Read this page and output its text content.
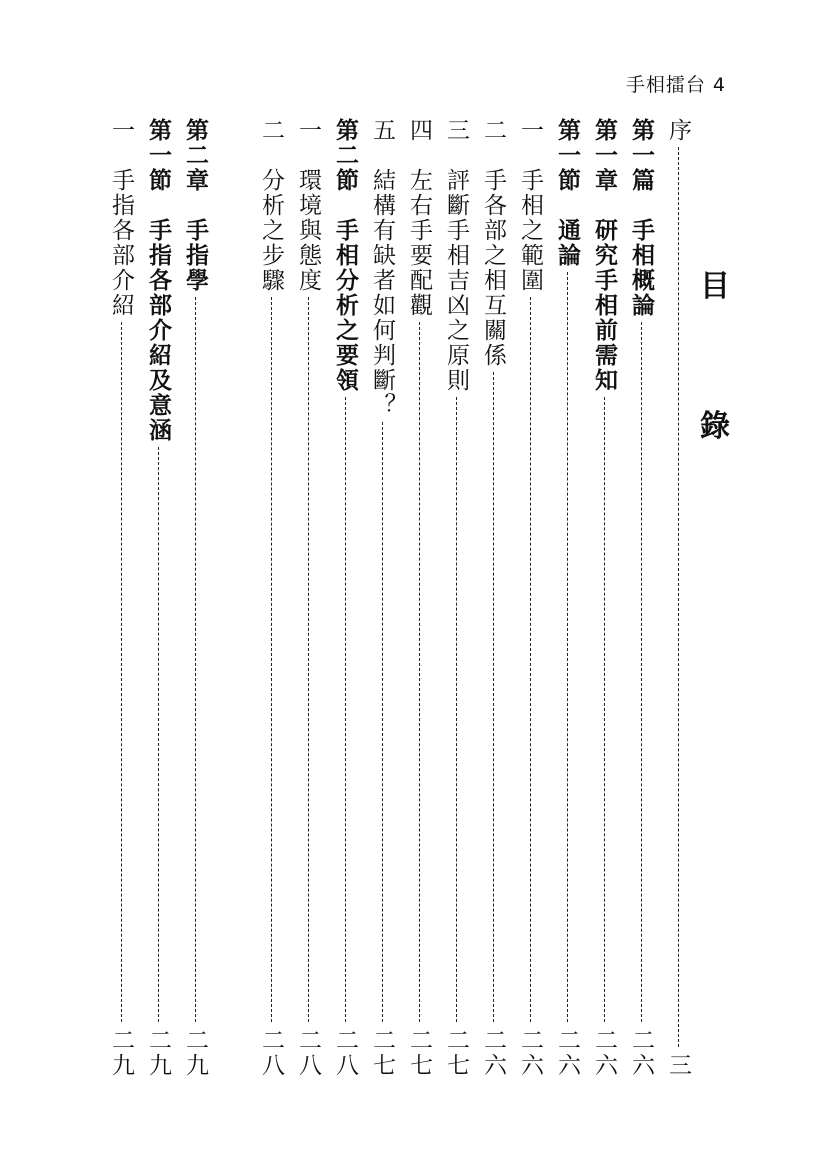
手相擂台 4
目
錄
序
三
第一篇　手相概論
二六
第一章　研究手相前需知
二六
第一節　通論
二六
一　手相之範圍
二六
二　手各部之相互關係
二六
三　評斷手相吉凶之原則
二七
四　左右手要配觀
二七
五　結構有缺者如何判斷？
二七
第二節　手相分析之要領
二八
一　環境與態度
二八
二　分析之步驟
二八
第二章　手指學
二九
第一節　手指各部介紹及意涵
二九
一　手指各部介紹
二九
